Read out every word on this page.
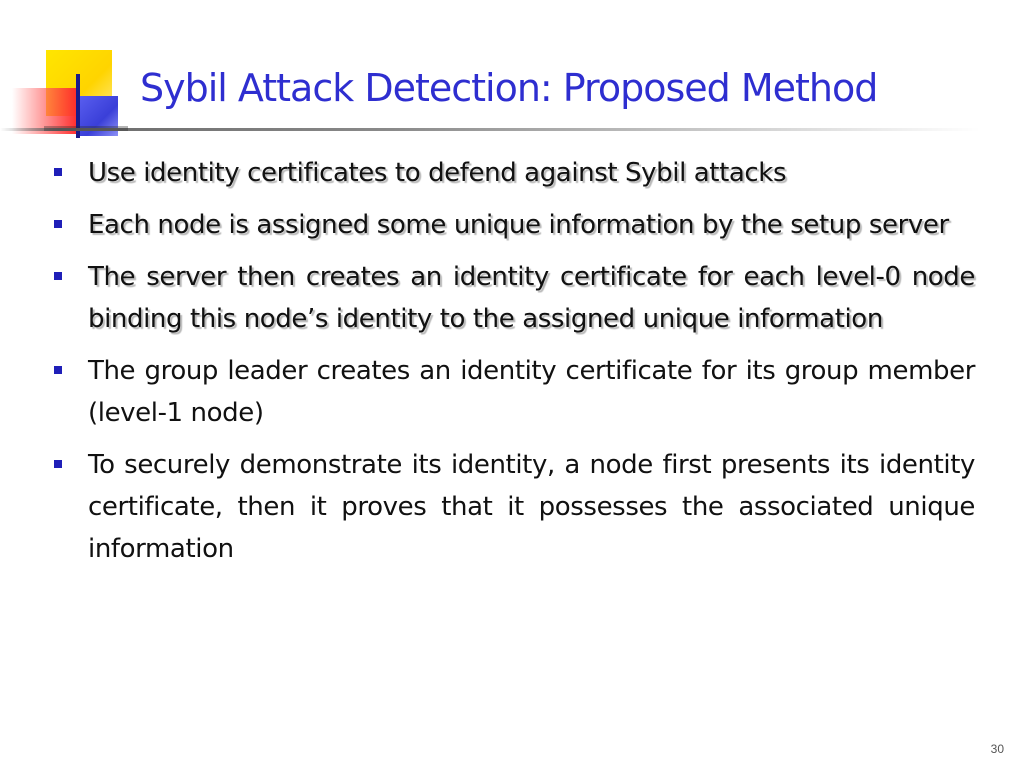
Sybil Attack Detection: Proposed Method
Use identity certificates to defend against Sybil attacks
Each node is assigned some unique information by the setup server
The server then creates an identity certificate for each level-0 node binding this node’s identity to the assigned unique information
The group leader creates an identity certificate for its group member (level-1 node)
To securely demonstrate its identity, a node first presents its identity certificate, then it proves that it possesses the associated unique information
30
